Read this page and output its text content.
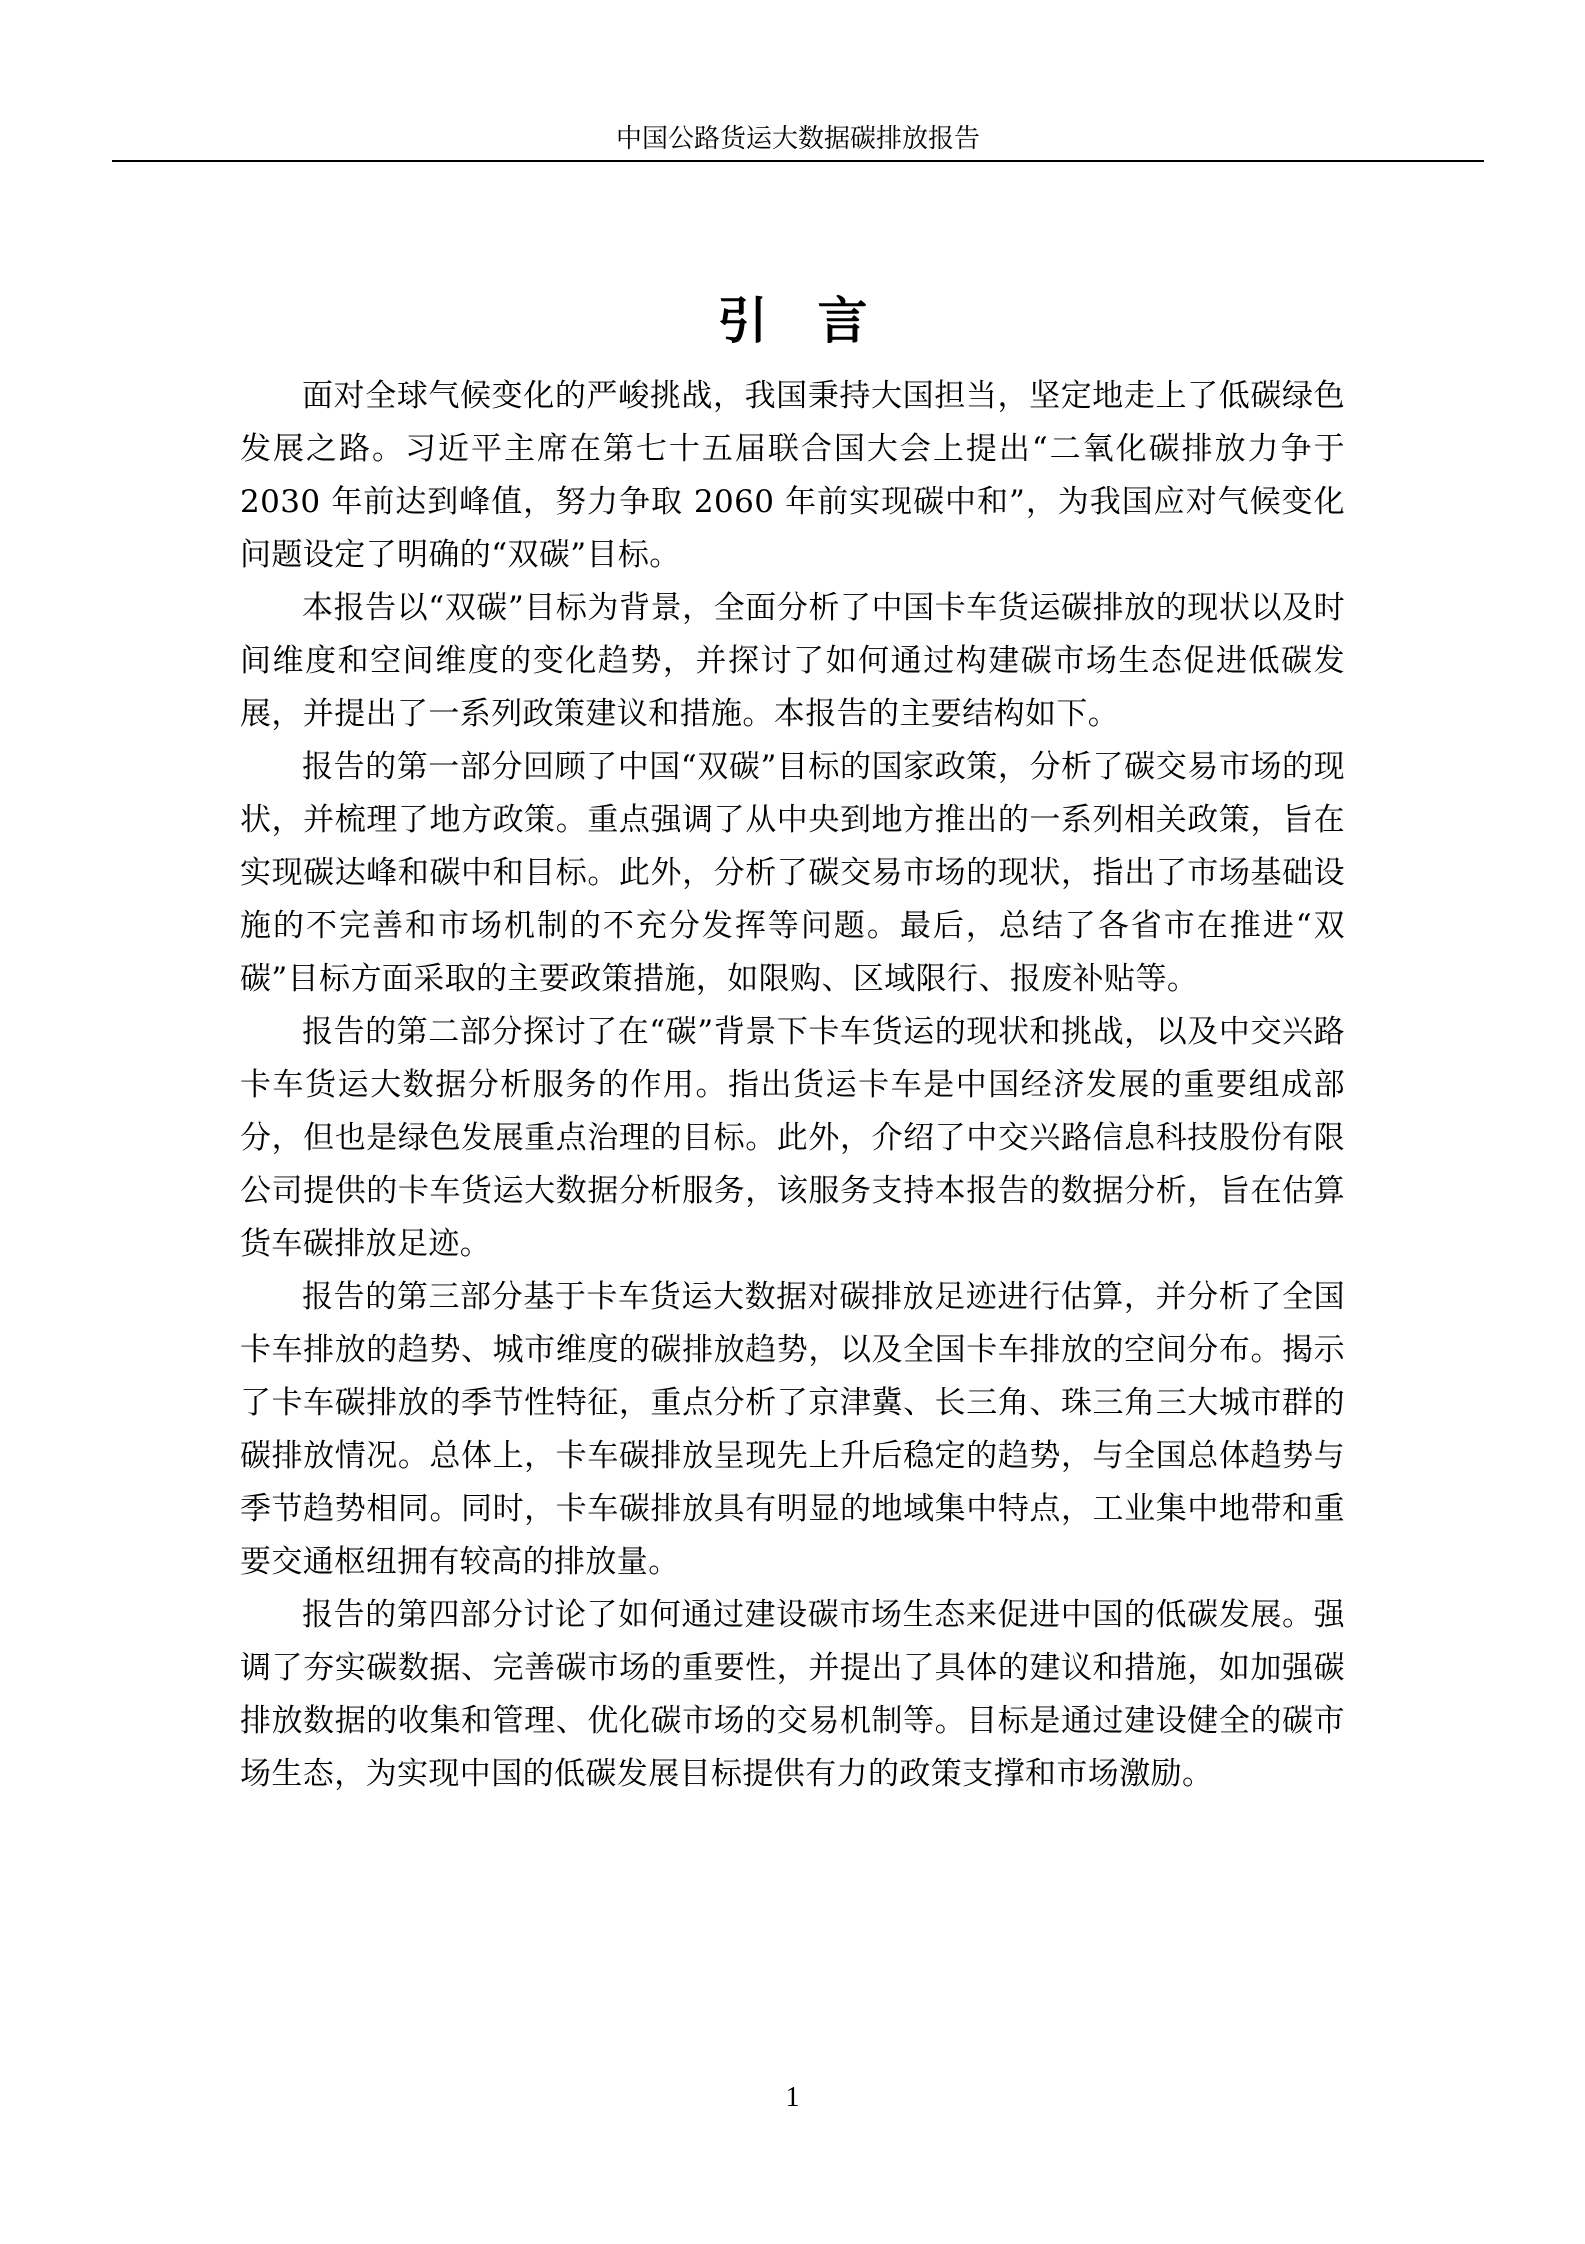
中国公路货运大数据碳排放报告
引 言

面对全球气候变化的严峻挑战，我国秉持大国担当，坚定地走上了低碳绿色发展之路。习近平主席在第七十五届联合国大会上提出“二氧化碳排放力争于 2030 年前达到峰值，努力争取 2060 年前实现碳中和”，为我国应对气候变化问题设定了明确的“双碳”目标。

本报告以“双碳”目标为背景，全面分析了中国卡车货运碳排放的现状以及时间维度和空间维度的变化趋势，并探讨了如何通过构建碳市场生态促进低碳发展，并提出了一系列政策建议和措施。本报告的主要结构如下。

报告的第一部分回顾了中国“双碳”目标的国家政策，分析了碳交易市场的现状，并梳理了地方政策。重点强调了从中央到地方推出的一系列相关政策，旨在实现碳达峰和碳中和目标。此外，分析了碳交易市场的现状，指出了市场基础设施的不完善和市场机制的不充分发挥等问题。最后，总结了各省市在推进“双碳”目标方面采取的主要政策措施，如限购、区域限行、报废补贴等。

报告的第二部分探讨了在“碳”背景下卡车货运的现状和挑战，以及中交兴路卡车货运大数据分析服务的作用。指出货运卡车是中国经济发展的重要组成部分，但也是绿色发展重点治理的目标。此外，介绍了中交兴路信息科技股份有限公司提供的卡车货运大数据分析服务，该服务支持本报告的数据分析，旨在估算货车碳排放足迹。

报告的第三部分基于卡车货运大数据对碳排放足迹进行估算，并分析了全国卡车排放的趋势、城市维度的碳排放趋势，以及全国卡车排放的空间分布。揭示了卡车碳排放的季节性特征，重点分析了京津冀、长三角、珠三角三大城市群的碳排放情况。总体上，卡车碳排放呈现先上升后稳定的趋势，与全国总体趋势与季节趋势相同。同时，卡车碳排放具有明显的地域集中特点，工业集中地带和重要交通枢纽拥有较高的排放量。

报告的第四部分讨论了如何通过建设碳市场生态来促进中国的低碳发展。强调了夯实碳数据、完善碳市场的重要性，并提出了具体的建议和措施，如加强碳排放数据的收集和管理、优化碳市场的交易机制等。目标是通过建设健全的碳市场生态，为实现中国的低碳发展目标提供有力的政策支撑和市场激励。

1
